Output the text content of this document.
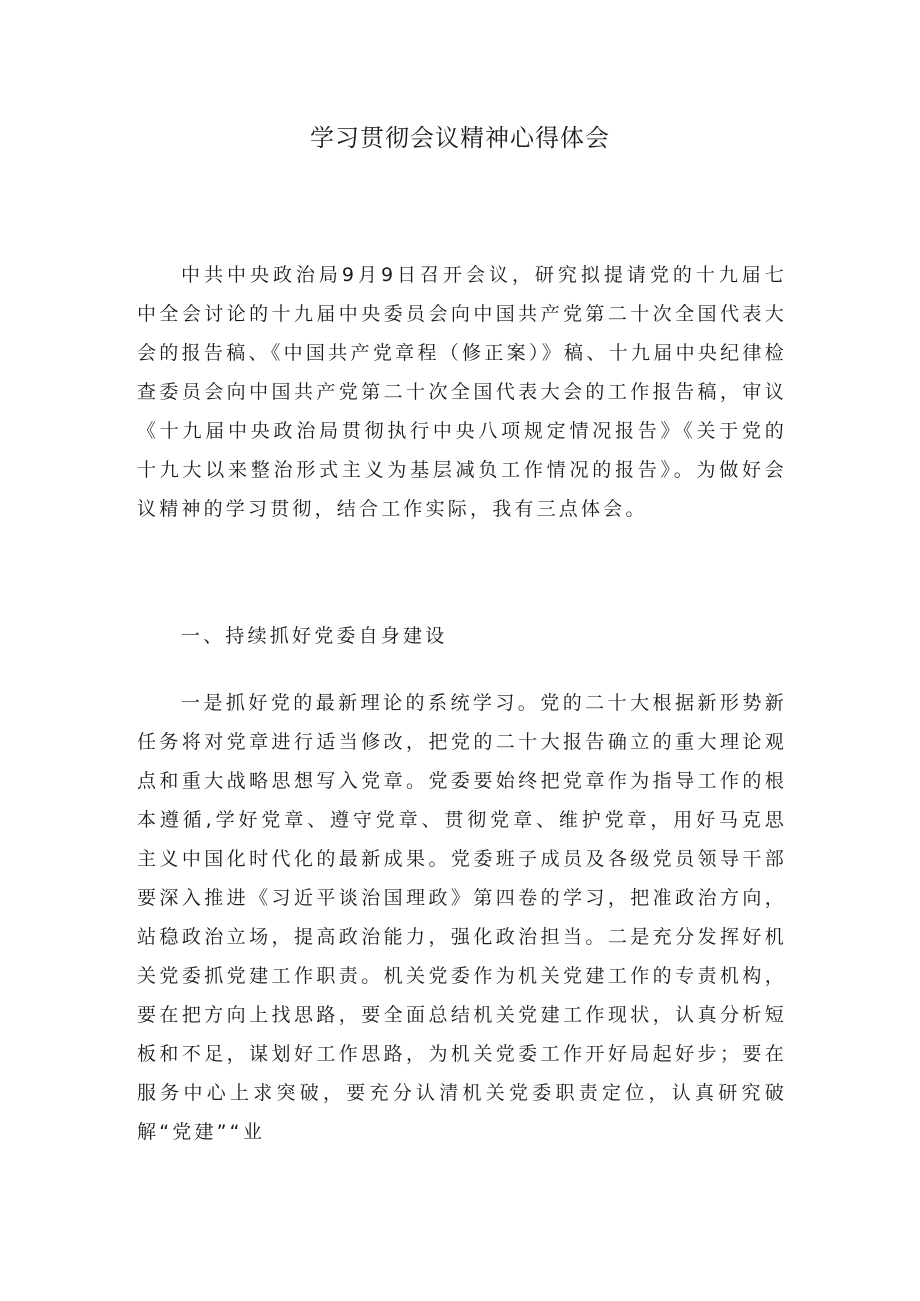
学习贯彻会议精神心得体会

中共中央政治局9月9日召开会议，研究拟提请党的十九届七中全会讨论的十九届中央委员会向中国共产党第二十次全国代表大会的报告稿、《中国共产党章程（修正案）》稿、十九届中央纪律检查委员会向中国共产党第二十次全国代表大会的工作报告稿，审议《十九届中央政治局贯彻执行中央八项规定情况报告》《关于党的十九大以来整治形式主义为基层减负工作情况的报告》。为做好会议精神的学习贯彻，结合工作实际，我有三点体会。

一、持续抓好党委自身建设

一是抓好党的最新理论的系统学习。党的二十大根据新形势新任务将对党章进行适当修改，把党的二十大报告确立的重大理论观点和重大战略思想写入党章。党委要始终把党章作为指导工作的根本遵循,学好党章、遵守党章、贯彻党章、维护党章，用好马克思主义中国化时代化的最新成果。党委班子成员及各级党员领导干部要深入推进《习近平谈治国理政》第四卷的学习，把准政治方向，站稳政治立场，提高政治能力，强化政治担当。二是充分发挥好机关党委抓党建工作职责。机关党委作为机关党建工作的专责机构，要在把方向上找思路，要全面总结机关党建工作现状，认真分析短板和不足，谋划好工作思路，为机关党委工作开好局起好步；要在服务中心上求突破，要充分认清机关党委职责定位，认真研究破解“党建”“业
